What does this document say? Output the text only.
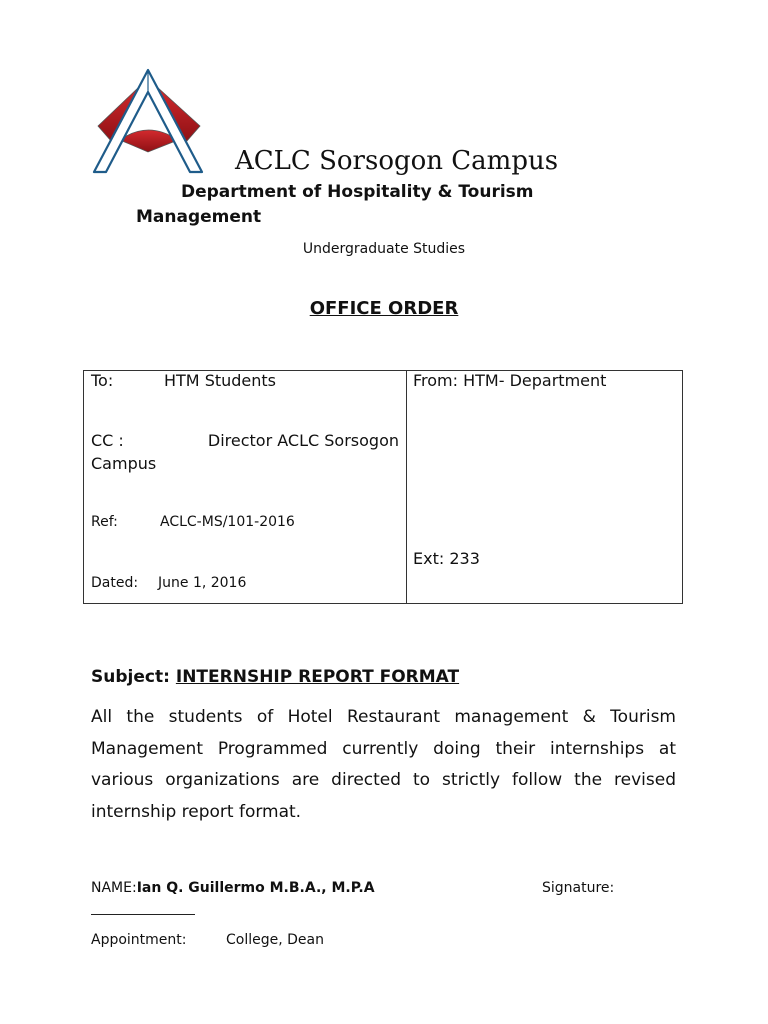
ACLC Sorsogon Campus
Department of Hospitality & Tourism Management
Undergraduate Studies
OFFICE ORDER
To:	HTM Students
CC :	Director ACLC Sorsogon
Campus
Ref:	ACLC-MS/101-2016
Dated: June 1, 2016
From: HTM- Department
Ext: 233
Subject: INTERNSHIP REPORT FORMAT
All the students of Hotel Restaurant management & Tourism Management Programmed currently doing their internships at various organizations are directed to strictly follow the revised internship report format.
NAME:Ian Q. Guillermo M.B.A., M.P.A	Signature:
Appointment:	College, Dean
